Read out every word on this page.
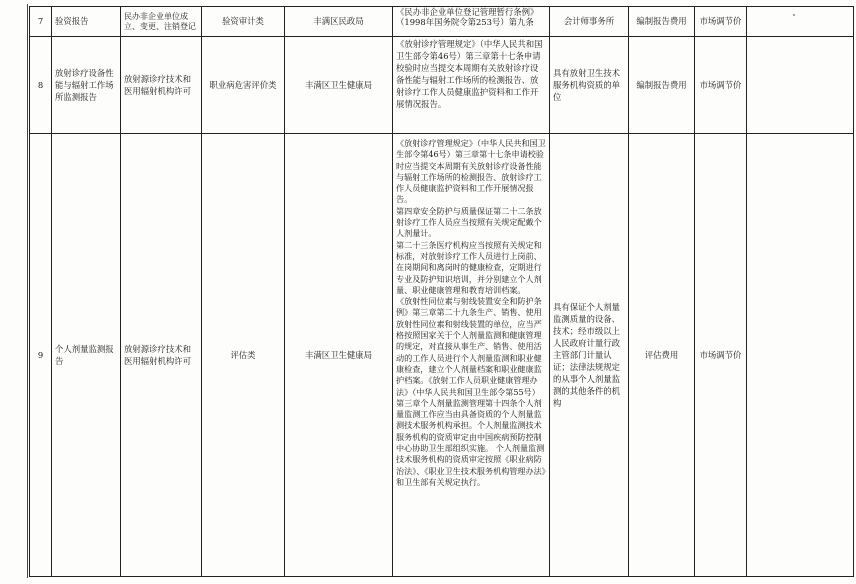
7	验资报告	民办非企业单位成立、变更、注销登记	验资审计类	丰满区民政局	《民办非企业单位登记管理暂行条例》（1998年国务院令第253号）第九条	会计师事务所	编制报告费用	市场调节价	
8	放射诊疗设备性能与辐射工作场所监测报告	放射源诊疗技术和医用辐射机构许可	职业病危害评价类	丰满区卫生健康局	《放射诊疗管理规定》（中华人民共和国卫生部令第46号）第三章第十七条申请校验时应当提交本周期有关放射诊疗设备性能与辐射工作场所的检测报告、放射诊疗工作人员健康监护资料和工作开展情况报告。	具有放射卫生技术服务机构资质的单位	编制报告费用	市场调节价	
9	个人剂量监测报告	放射源诊疗技术和医用辐射机构许可	评估类	丰满区卫生健康局	《放射诊疗管理规定》（中华人民共和国卫生部令第46号）第三章第十七条申请校验时应当提交本周期有关放射诊疗设备性能与辐射工作场所的检测报告、放射诊疗工作人员健康监护资料和工作开展情况报告。
第四章安全防护与质量保证第二十二条放射诊疗工作人员应当按照有关规定配戴个人剂量计。
第二十三条医疗机构应当按照有关规定和标准，对放射诊疗工作人员进行上岗前、在岗期间和离岗时的健康检查，定期进行专业及防护知识培训，并分别建立个人剂量、职业健康管理和教育培训档案。
《放射性同位素与射线装置安全和防护条例》第三章第二十九条生产、销售、使用放射性同位素和射线装置的单位，应当严格按照国家关于个人剂量监测和健康管理的规定，对直接从事生产、销售、使用活动的工作人员进行个人剂量监测和职业健康检查，建立个人剂量档案和职业健康监护档案。《放射工作人员职业健康管理办法》（中华人民共和国卫生部令第55号）第三章个人剂量监测管理第十四条个人剂量监测工作应当由具备资质的个人剂量监测技术服务机构承担。个人剂量监测技术服务机构的资质审定由中国疾病预防控制中心协助卫生部组织实施。 个人剂量监测技术服务机构的资质审定按照《职业病防治法》、《职业卫生技术服务机构管理办法》和卫生部有关规定执行。	具有保证个人剂量监测质量的设备、技术；经市级以上人民政府计量行政主管部门计量认证；法律法规规定的从事个人剂量监测的其他条件的机构	评估费用	市场调节价	
